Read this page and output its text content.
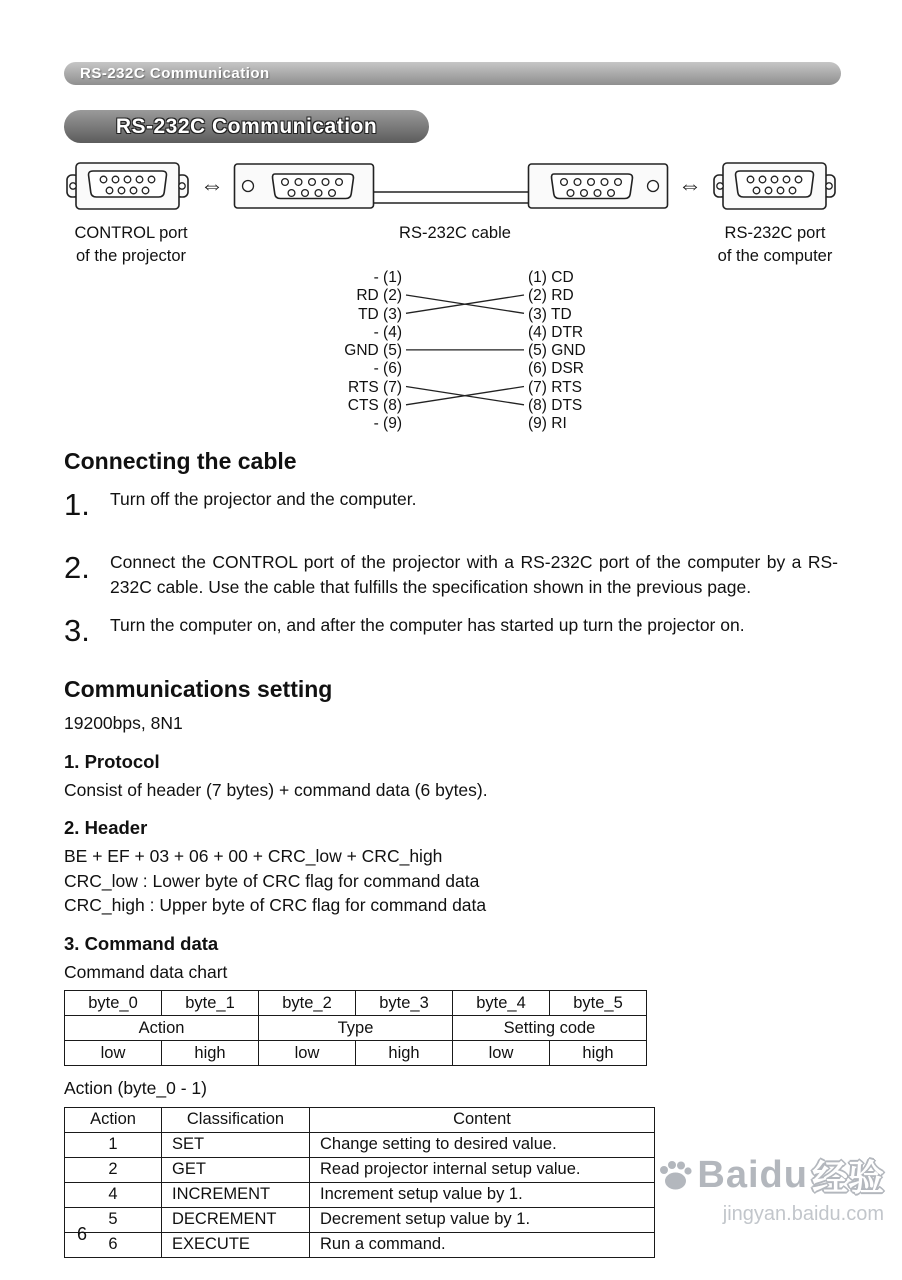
RS-232C Communication
RS-232C Communication
⇔	⇔
CONTROL port
of the projector
RS-232C cable	RS-232C port
of the computer
- (1)
RD (2)
TD (3)
- (4)
GND (5)
- (6)
RTS (7)
CTS (8)
- (9)
(1) CD
(2) RD
(3) TD
(4) DTR
(5) GND
(6) DSR
(7) RTS
(8) DTS
(9) RI
Connecting the cable
1.	Turn off the projector and the computer.

2.	Connect the CONTROL port of the projector with a RS-232C port of the computer by a RS-232C cable. Use the cable that fulfills the specification shown in the previous page.

3.	Turn the computer on, and after the computer has started up turn the projector on.

Communications setting

19200bps, 8N1

1. Protocol

Consist of header (7 bytes) + command data (6 bytes).

2. Header

BE + EF + 03 + 06 + 00 + CRC_low + CRC_high

CRC_low : Lower byte of CRC flag for command data

CRC_high : Upper byte of CRC flag for command data

3. Command data

Command data chart

byte_0	byte_1	byte_2	byte_3	byte_4	byte_5
Action		Type		Setting code	
low	high	low	high	low	high

Action (byte_0 - 1)

Action	Classification	Content
1	SET	Change setting to desired value.
2	GET	Read projector internal setup value.
4	INCREMENT	Increment setup value by 1.
5	DECREMENT	Decrement setup value by 1.
6	EXECUTE	Run a command.
6
Baidu 经验
jingyan.baidu.com
